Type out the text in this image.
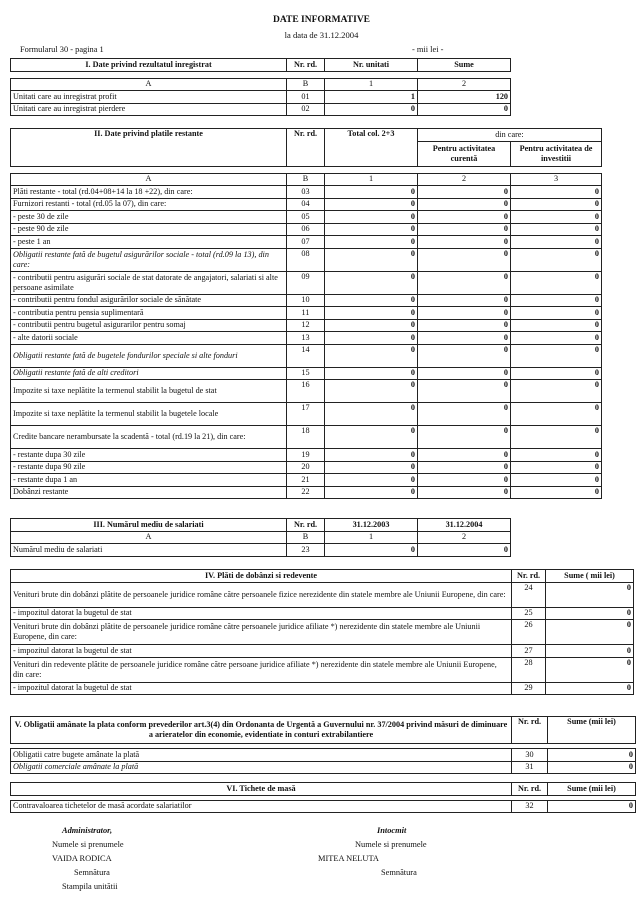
DATE INFORMATIVE
la data de 31.12.2004
Formularul 30 - pagina 1	- mii lei -
I. Date privind rezultatul inregistrat	Nr. rd.	Nr. unitati	Sume

A	B	1	2
Unitati care au inregistrat profit	01	1	120
Unitati care au inregistrat pierdere	02	0	0
II. Date privind platile restante	Nr. rd.	Total col. 2+3	din care:	
			Pentru activitatea curentă	Pentru activitatea de investitii

A	B	1	2	3
Plăti restante - total (rd.04+08+14 la 18 +22), din care:	03	0	0	0
Furnizori restanti - total (rd.05 la 07), din care:	04	0	0	0
- peste 30 de zile	05	0	0	0
- peste 90 de zile	06	0	0	0
- peste 1 an	07	0	0	0
Obligatii restante fată de bugetul asigurărilor sociale - total (rd.09 la 13), din care:	08	0	0	0
- contributii pentru asigurări sociale de stat datorate de angajatori, salariati si alte persoane asimilate	09	0	0	0
- contributii pentru fondul asigurărilor sociale de sănătate	10	0	0	0
- contributia pentru pensia suplimentară	11	0	0	0
- contributii pentru bugetul asigurarilor pentru somaj	12	0	0	0
- alte datorii sociale	13	0	0	0
Obligatii restante fată de bugetele fondurilor speciale si alte fonduri	14	0	0	0
Obligatii restante fată de alti creditori	15	0	0	0
Impozite si taxe neplătite la termenul stabilit la bugetul de stat	16	0	0	0
Impozite si taxe neplătite la termenul stabilit la bugetele locale	17	0	0	0
Credite bancare nerambursate la scadentă - total (rd.19 la 21), din care:	18	0	0	0
- restante dupa 30 zile	19	0	0	0
- restante dupa 90 zile	20	0	0	0
- restante dupa 1 an	21	0	0	0
Dobânzi restante	22	0	0	0
III. Numărul mediu de salariati	Nr. rd.	31.12.2003	31.12.2004
A	B	1	2
Numărul mediu de salariati	23	0	0
IV. Plăti de dobânzi si redevente	Nr. rd.	Sume ( mii lei)
Venituri brute din dobânzi plătite de persoanele juridice române către persoanele fizice nerezidente din statele membre ale Uniunii Europene, din care:	24	0
- impozitul datorat la bugetul de stat	25	0
Venituri brute din dobânzi plătite de persoanele juridice române către persoanele juridice afiliate *) nerezidente din statele membre ale Uniunii Europene, din care:	26	0
- impozitul datorat la bugetul de stat	27	0
Venituri din redevente plătite de persoanele juridice române către persoane juridice afiliate *) nerezidente din statele membre ale Uniunii Europene, din care:	28	0
- impozitul datorat la bugetul de stat	29	0
V. Obligatii amânate la plata conform prevederilor art.3(4) din Ordonanta de Urgentă a Guvernului nr. 37/2004 privind măsuri de diminuare a arieratelor din economie, evidentiate in conturi extrabilantiere	Nr. rd.	Sume (mii lei)

Obligatii catre bugete amânate la plată	30	0
Obligatii comerciale amânate la plată	31	0
VI. Tichete de masă	Nr. rd.	Sume (mii lei)

Contravaloarea tichetelor de masă acordate salariatilor	32	0
Administrator,
Numele si prenumele
VAIDA RODICA
Semnătura
Stampila unitătii
Intocmit
Numele si prenumele
MITEA NELUTA
Semnătura
